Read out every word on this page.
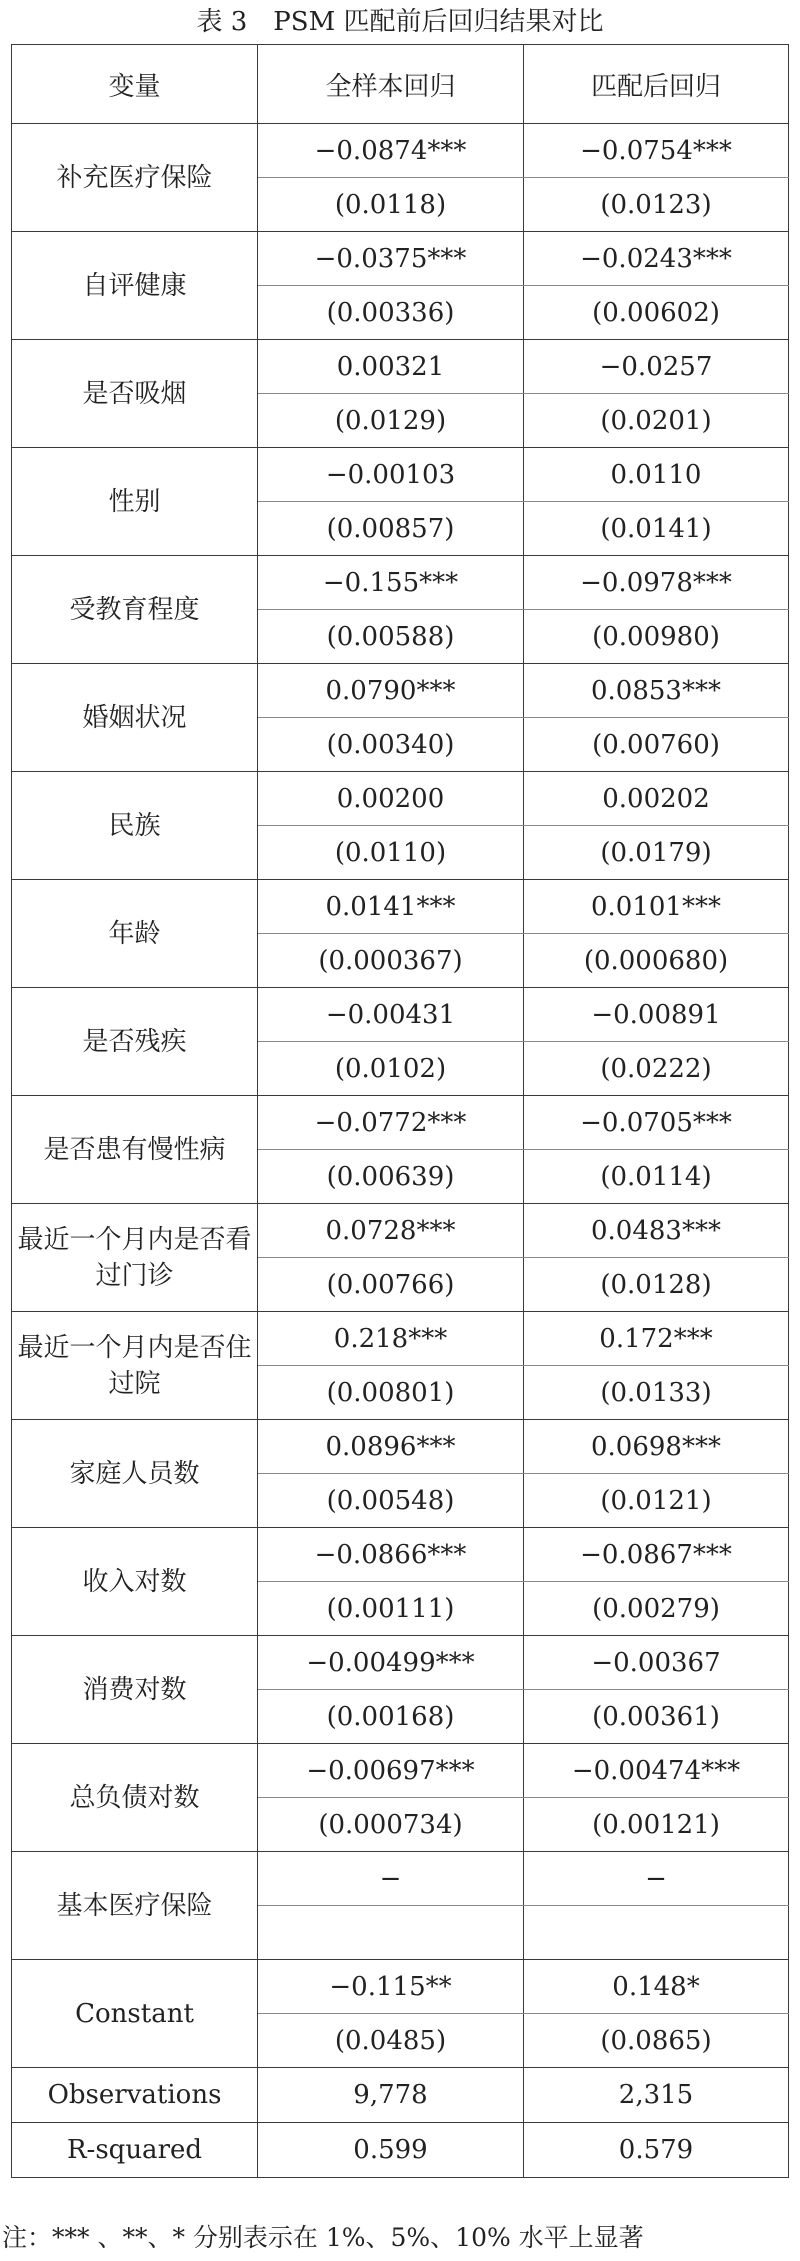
表 3　PSM 匹配前后回归结果对比
变量	全样本回归	匹配后回归
补充医疗保险	−0.0874***	−0.0754***
	(0.0118)	(0.0123)
自评健康	−0.0375***	−0.0243***
	(0.00336)	(0.00602)
是否吸烟	0.00321	−0.0257
	(0.0129)	(0.0201)
性别	−0.00103	0.0110
	(0.00857)	(0.0141)
受教育程度	−0.155***	−0.0978***
	(0.00588)	(0.00980)
婚姻状况	0.0790***	0.0853***
	(0.00340)	(0.00760)
民族	0.00200	0.00202
	(0.0110)	(0.0179)
年龄	0.0141***	0.0101***
	(0.000367)	(0.000680)
是否残疾	−0.00431	−0.00891
	(0.0102)	(0.0222)
是否患有慢性病	−0.0772***	−0.0705***
	(0.00639)	(0.0114)
最近一个月内是否看过门诊	0.0728***	0.0483***
	(0.00766)	(0.0128)
最近一个月内是否住过院	0.218***	0.172***
	(0.00801)	(0.0133)
家庭人员数	0.0896***	0.0698***
	(0.00548)	(0.0121)
收入对数	−0.0866***	−0.0867***
	(0.00111)	(0.00279)
消费对数	−0.00499***	−0.00367
	(0.00168)	(0.00361)
总负债对数	−0.00697***	−0.00474***
	(0.000734)	(0.00121)
基本医疗保险	−	−

Constant	−0.115**	0.148*
	(0.0485)	(0.0865)
Observations	9,778	2,315
R-squared	0.599	0.579
注：*** 、**、* 分别表示在 1%、5%、10% 水平上显著
